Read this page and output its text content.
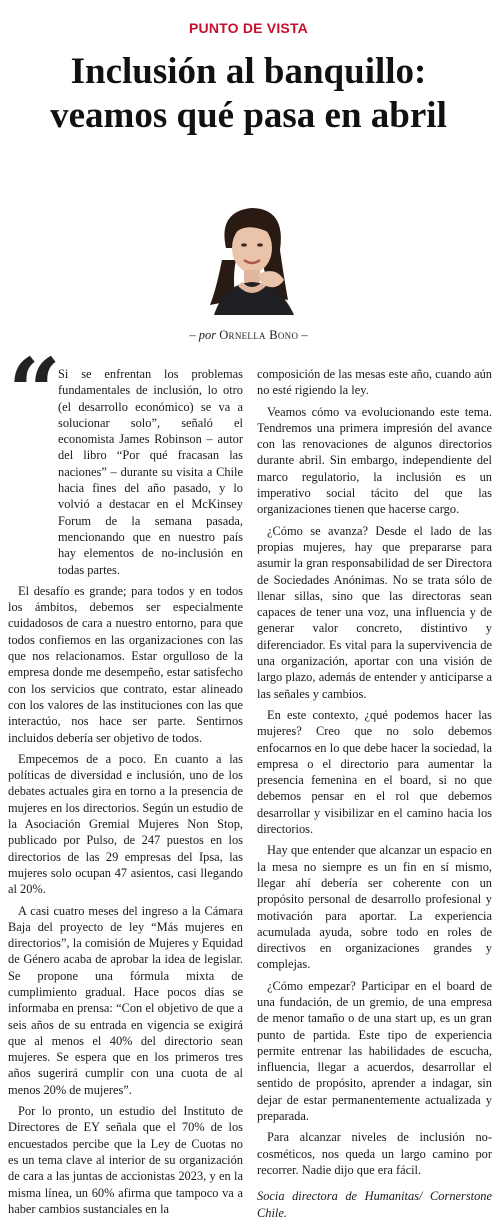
PUNTO DE VISTA
Inclusión al banquillo:
veamos qué pasa en abril
– por Ornella Bono –
“

Si se enfrentan los problemas fundamentales de inclusión, lo otro (el desarrollo económico) se va a solucionar solo”, señaló el economista James Robinson – autor del libro “Por qué fracasan las naciones” – durante su visita a Chile hacia fines del año pasado, y lo volvió a destacar en el McKinsey Forum de la semana pasada, mencionando que en nuestro país hay elementos de no-inclusión en todas partes.

El desafío es grande; para todos y en todos los ámbitos, debemos ser especialmente cuidadosos de cara a nuestro entorno, para que todos confiemos en las organizaciones con las que nos relacionamos. Estar orgulloso de la empresa donde me desempeño, estar satisfecho con los servicios que contrato, estar alineado con los valores de las instituciones con las que interactúo, nos hace ser parte. Sentirnos incluidos debería ser objetivo de todos.

Empecemos de a poco. En cuanto a las políticas de diversidad e inclusión, uno de los debates actuales gira en torno a la presencia de mujeres en los directorios. Según un estudio de la Asociación Gremial Mujeres Non Stop, publicado por Pulso, de 247 puestos en los directorios de las 29 empresas del Ipsa, las mujeres solo ocupan 47 asientos, casi llegando al 20%.

A casi cuatro meses del ingreso a la Cámara Baja del proyecto de ley “Más mujeres en directorios”, la comisión de Mujeres y Equidad de Género acaba de aprobar la idea de legislar. Se propone una fórmula mixta de cumplimiento gradual. Hace pocos días se informaba en prensa: “Con el objetivo de que a seis años de su entrada en vigencia se exigirá que al menos el 40% del directorio sean mujeres. Se espera que en los primeros tres años sugerirá cumplir con una cuota de al menos 20% de mujeres”.

Por lo pronto, un estudio del Instituto de Directores de EY señala que el 70% de los encuestados percibe que la Ley de Cuotas no es un tema clave al interior de su organización de cara a las juntas de accionistas 2023, y en la misma línea, un 60% afirma que tampoco va a haber cambios sustanciales en la

composición de las mesas este año, cuando aún no esté rigiendo la ley.

Veamos cómo va evolucionando este tema. Tendremos una primera impresión del avance con las renovaciones de algunos directorios durante abril. Sin embargo, independiente del marco regulatorio, la inclusión es un imperativo social tácito del que las organizaciones tienen que hacerse cargo.

¿Cómo se avanza? Desde el lado de las propias mujeres, hay que prepararse para asumir la gran responsabilidad de ser Directora de Sociedades Anónimas. No se trata sólo de llenar sillas, sino que las directoras sean capaces de tener una voz, una influencia y de generar valor concreto, distintivo y diferenciador. Es vital para la supervivencia de una organización, aportar con una visión de largo plazo, además de entender y anticiparse a las señales y cambios.

En este contexto, ¿qué podemos hacer las mujeres? Creo que no solo debemos enfocarnos en lo que debe hacer la sociedad, la empresa o el directorio para aumentar la presencia femenina en el board, si no que debemos pensar en el rol que debemos desarrollar y visibilizar en el camino hacia los directorios.

Hay que entender que alcanzar un espacio en la mesa no siempre es un fin en sí mismo, llegar ahí debería ser coherente con un propósito personal de desarrollo profesional y motivación para aportar. La experiencia acumulada ayuda, sobre todo en roles de directivos en organizaciones grandes y complejas.

¿Cómo empezar? Participar en el board de una fundación, de un gremio, de una empresa de menor tamaño o de una start up, es un gran punto de partida. Este tipo de experiencia permite entrenar las habilidades de escucha, influencia, llegar a acuerdos, desarrollar el sentido de propósito, aprender a indagar, sin dejar de estar permanentemente actualizada y preparada.

Para alcanzar niveles de inclusión no-cosméticos, nos queda un largo camino por recorrer. Nadie dijo que era fácil.

Socia directora de Humanitas/ Cornerstone Chile.
